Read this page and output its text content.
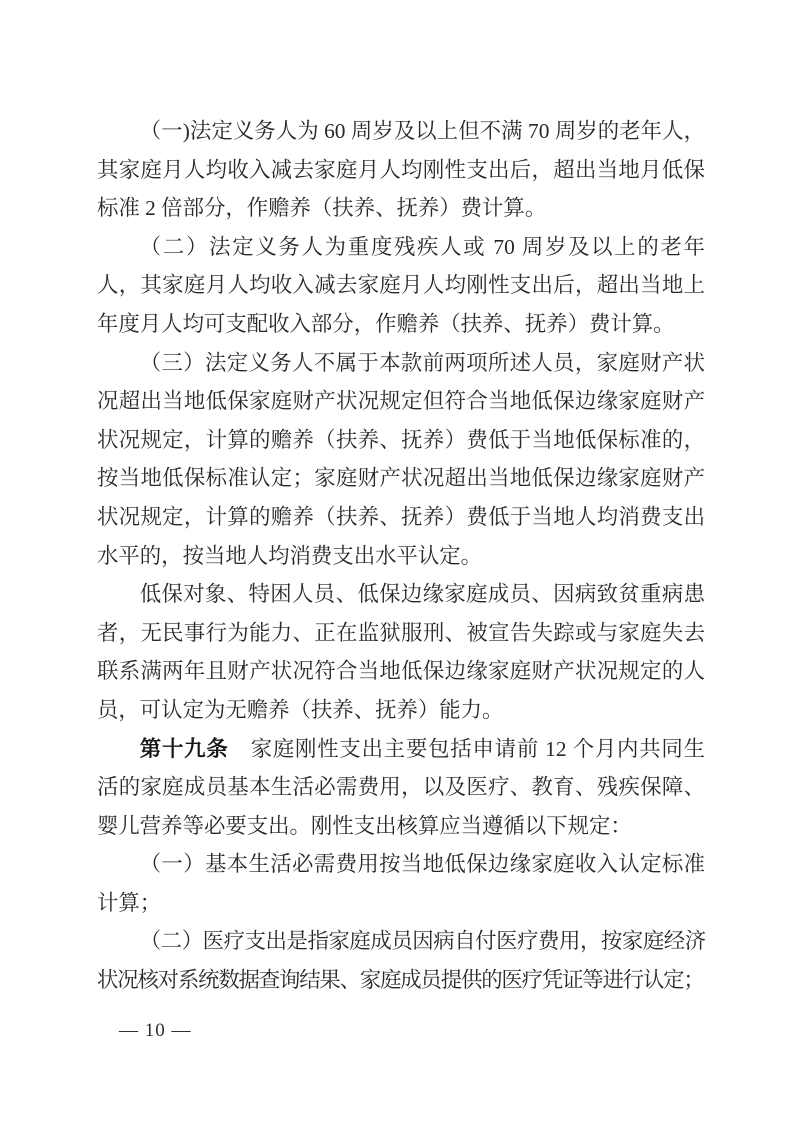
（一)法定义务人为 60 周岁及以上但不满 70 周岁的老年人，其家庭月人均收入减去家庭月人均刚性支出后，超出当地月低保标准 2 倍部分，作赡养（扶养、抚养）费计算。

（二）法定义务人为重度残疾人或 70 周岁及以上的老年人，其家庭月人均收入减去家庭月人均刚性支出后，超出当地上年度月人均可支配收入部分，作赡养（扶养、抚养）费计算。

（三）法定义务人不属于本款前两项所述人员，家庭财产状况超出当地低保家庭财产状况规定但符合当地低保边缘家庭财产状况规定，计算的赡养（扶养、抚养）费低于当地低保标准的，按当地低保标准认定；家庭财产状况超出当地低保边缘家庭财产状况规定，计算的赡养（扶养、抚养）费低于当地人均消费支出水平的，按当地人均消费支出水平认定。

低保对象、特困人员、低保边缘家庭成员、因病致贫重病患者，无民事行为能力、正在监狱服刑、被宣告失踪或与家庭失去联系满两年且财产状况符合当地低保边缘家庭财产状况规定的人员，可认定为无赡养（扶养、抚养）能力。

第十九条　家庭刚性支出主要包括申请前 12 个月内共同生活的家庭成员基本生活必需费用，以及医疗、教育、残疾保障、婴儿营养等必要支出。刚性支出核算应当遵循以下规定：

（一）基本生活必需费用按当地低保边缘家庭收入认定标准计算；

（二）医疗支出是指家庭成员因病自付医疗费用，按家庭经济状况核对系统数据查询结果、家庭成员提供的医疗凭证等进行认定；

— 10 —
